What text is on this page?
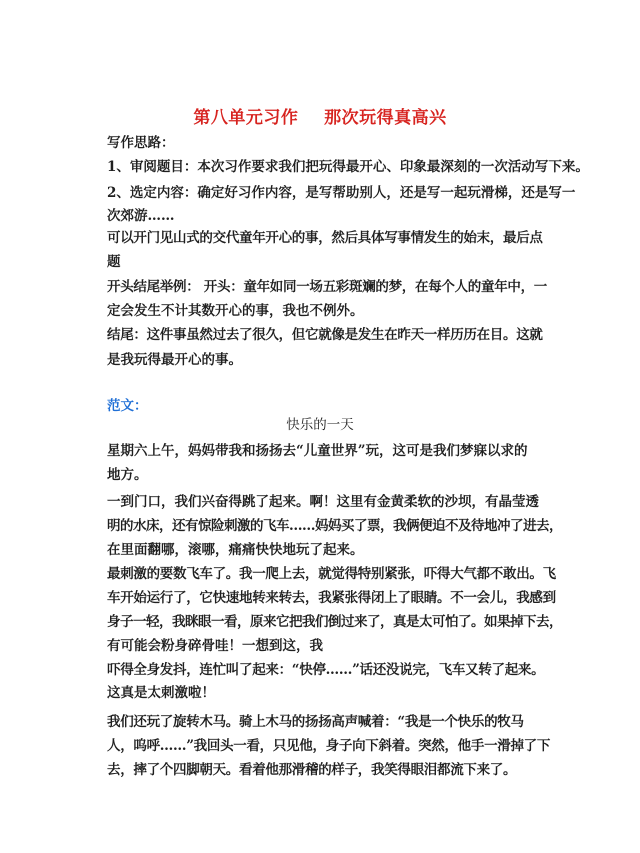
第八单元习作    那次玩得真高兴
写作思路：
1、审阅题目：本次习作要求我们把玩得最开心、印象最深刻的一次活动写下来。
2、选定内容：确定好习作内容，是写帮助别人，还是写一起玩滑梯，还是写一
次郊游……
可以开门见山式的交代童年开心的事，然后具体写事情发生的始末，最后点
题
开头结尾举例： 开头：童年如同一场五彩斑斓的梦，在每个人的童年中，一
定会发生不计其数开心的事，我也不例外。
结尾：这件事虽然过去了很久，但它就像是发生在昨天一样历历在目。这就
是我玩得最开心的事。
范文：
快乐的一天
星期六上午，妈妈带我和扬扬去“儿童世界”玩，这可是我们梦寐以求的
地方。
一到门口，我们兴奋得跳了起来。啊！这里有金黄柔软的沙坝，有晶莹透
明的水床，还有惊险刺激的飞车……妈妈买了票，我俩便迫不及待地冲了进去，
在里面翻哪，滚哪，痛痛快快地玩了起来。
最刺激的要数飞车了。我一爬上去，就觉得特别紧张，吓得大气都不敢出。飞
车开始运行了，它快速地转来转去，我紧张得闭上了眼睛。不一会儿，我感到
身子一轻，我眯眼一看，原来它把我们倒过来了，真是太可怕了。如果掉下去，
有可能会粉身碎骨哇！一想到这，我
吓得全身发抖，连忙叫了起来：“快停……”话还没说完，飞车又转了起来。
这真是太刺激啦！
我们还玩了旋转木马。骑上木马的扬扬高声喊着：“我是一个快乐的牧马
人，呜呼……”我回头一看，只见他，身子向下斜着。突然，他手一滑掉了下
去，摔了个四脚朝天。看着他那滑稽的样子，我笑得眼泪都流下来了。
